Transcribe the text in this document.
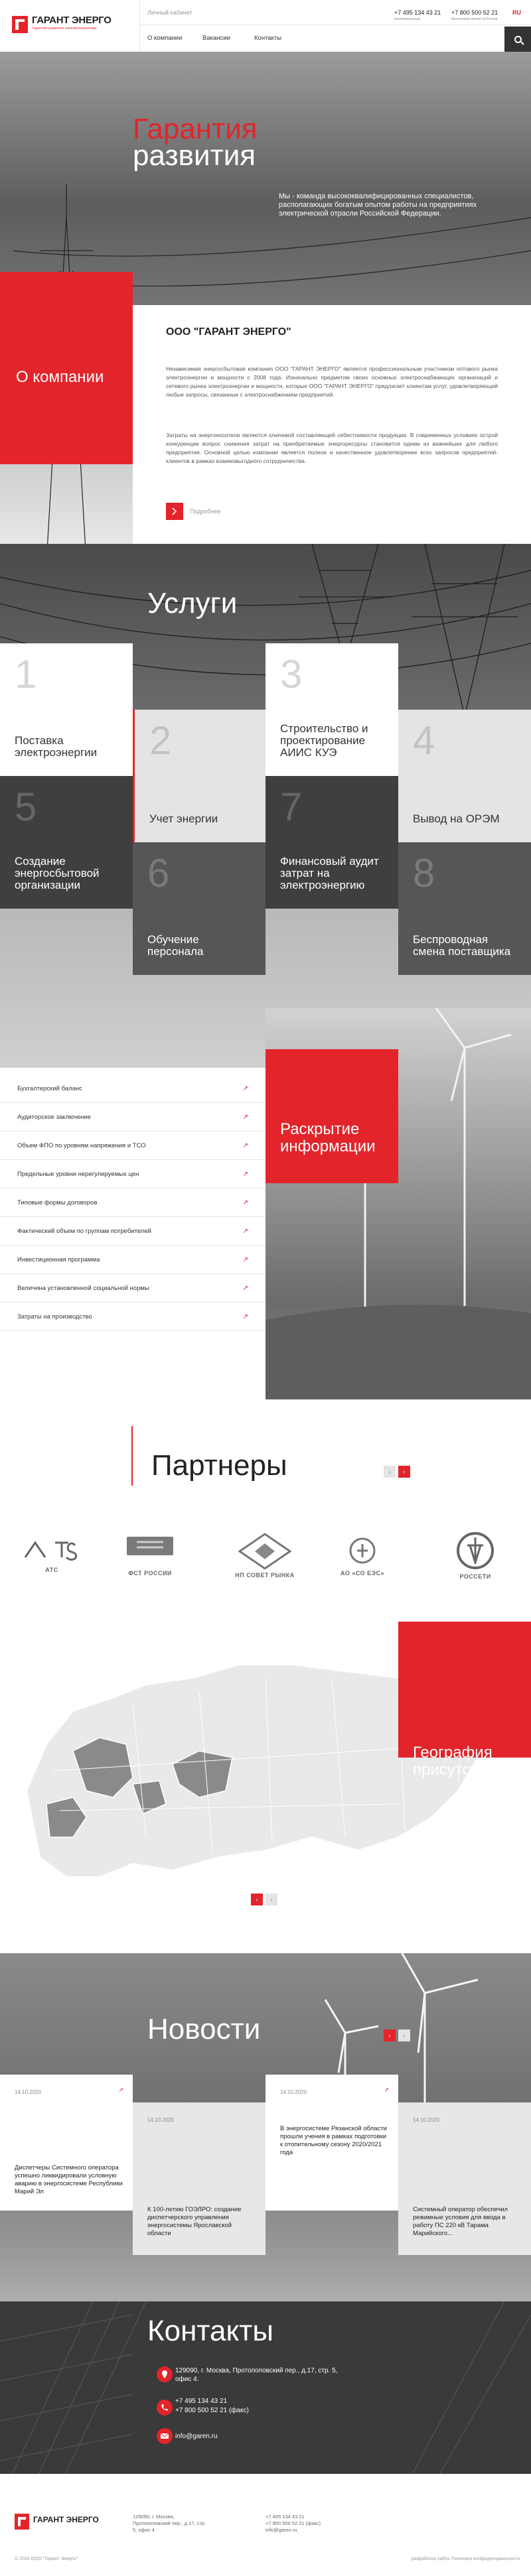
ГАРАНТ ЭНЕРГО
Гарантия развития электроэнергетики
Личный кабинет	+7 495 134 43 21
многоканальный
+7 800 500 52 21
бесплатный звонок по России
RU
О компании	Вакансии	Контакты
Гарантия
развития
Мы - команда высококвалифицированных специалистов, располагающих богатым опытом работы на предприятиях электрической отрасли Российской Федерации.
О компании
ООО "ГАРАНТ ЭНЕРГО"
Независимая энергосбытовая компания ООО "ГАРАНТ ЭНЕРГО" является профессиональным участником оптового рынка электроэнергии и мощности с 2008 года. Изначально предметом своих основных электроснабжающих организаций и сетевого рынка электроэнергии и мощности, которые ООО "ГАРАНТ ЭНЕРГО" предлагает клиентам услуг, удовлетворяющий любые запросы, связанные с электроснабжением предприятий.
Затраты на энергоносители являются ключевой составляющей себестоимости продукции. В современных условиях острой конкуренции вопрос снижения затрат на приобретаемые энергоресурсы становится одним из важнейших для любого предприятия. Основной целью компании является полное и качественное удовлетворение всех запросов предприятий-клиентов в рамках взаимовыгодного сотрудничества.
Подробнее
Услуги
1
Поставка электроэнергии	2
Учет энергии
3
Строительство и проектирование АИИС КУЭ	4
Вывод на ОРЭМ
5
Создание энергосбытовой организации	6
Обучение персонала
7
Финансовый аудит затрат на электроэнергию	8
Беспроводная смена поставщика
Бухгалтерский баланс	↗
Аудиторское заключение	↗
Объем ФПО по уровням напряжения и ТСО	↗
Предельные уровни нерегулируемых цен	↗
Типовые формы договоров	↗
Фактический объем по группам потребителей	↗
Инвестиционная программа	↗
Величина установленной социальной нормы	↗
Затраты на производство	↗
Раскрытие информации
Партнеры	‹	›
АТС	ФСТ РОССИИ	НП СОВЕТ РЫНКА	АО «СО ЕЭС»	РОССЕТИ
География присутствия
‹	›
Новости	‹	›
14.10.2020	↗
Диспетчеры Системного оператора успешно ликвидировали условную аварию в энергосистеме Республики Марий Эл
14.10.2020
К 100-летию ГОЭЛРО: создание диспетчерского управления энергосистемы Ярославской области
14.10.2020	↗
В энергосистеме Рязанской области прошли учения в рамках подготовки к отопительному сезону 2020/2021 года
14.10.2020
Системный оператор обеспечил режимные условия для ввода в работу ПС 220 кВ Тарама Марийского...
Контакты
129090, г. Москва, Протопоповский пер., д.17, стр. 5, офис 4.
+7 495 134 43 21
+7 800 500 52 21 (факс)
info@garen.ru
ГАРАНТ ЭНЕРГО	129090, г. Москва, Протопоповский пер., д.17, стр. 5, офис 4.
+7 495 134 43 21
+7 800 500 52 21 (факс)
info@garen.ru
© 2020 ООО "Гарант Энерго"	разработка сайта Политика конфиденциальности
